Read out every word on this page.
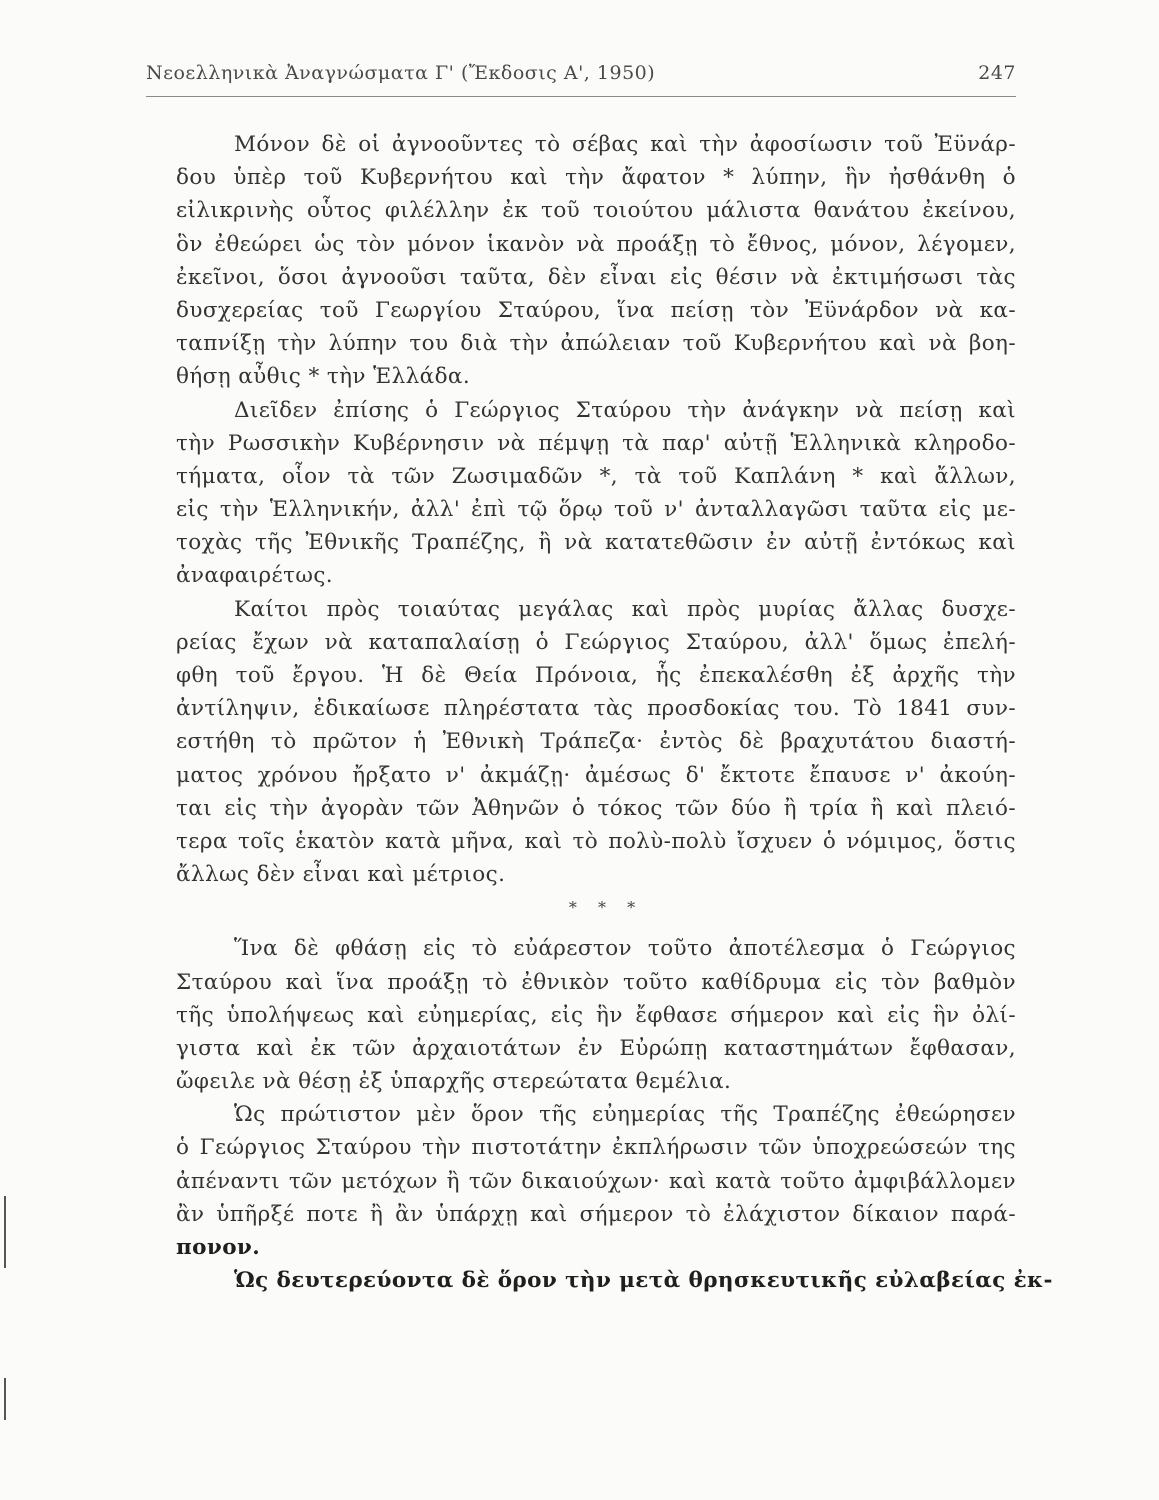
Νεοελληνικὰ Ἀναγνώσματα Γ' (Ἔκδοσις Α', 1950)	247
Μόνον δὲ οἱ ἀγνοοῦντες τὸ σέβας καὶ τὴν ἀφοσίωσιν τοῦ Ἐϋνάρ-
δου ὑπὲρ τοῦ Κυβερνήτου καὶ τὴν ἄφατον * λύπην, ἣν ἠσθάνθη ὁ
εἰλικρινὴς οὗτος φιλέλλην ἐκ τοῦ τοιούτου μάλιστα θανάτου ἐκείνου,
ὃν ἐθεώρει ὡς τὸν μόνον ἱκανὸν νὰ προάξῃ τὸ ἔθνος, μόνον, λέγομεν,
ἐκεῖνοι, ὅσοι ἀγνοοῦσι ταῦτα, δὲν εἶναι εἰς θέσιν νὰ ἐκτιμήσωσι τὰς
δυσχερείας τοῦ Γεωργίου Σταύρου, ἵνα πείσῃ τὸν Ἐϋνάρδον νὰ κα-
ταπνίξῃ τὴν λύπην του διὰ τὴν ἀπώλειαν τοῦ Κυβερνήτου καὶ νὰ βοη-
θήσῃ αὖθις * τὴν Ἑλλάδα.
Διεῖδεν ἐπίσης ὁ Γεώργιος Σταύρου τὴν ἀνάγκην νὰ πείσῃ καὶ
τὴν Ρωσσικὴν Κυβέρνησιν νὰ πέμψῃ τὰ παρ' αὐτῇ Ἑλληνικὰ κληροδο-
τήματα, οἷον τὰ τῶν Ζωσιμαδῶν *, τὰ τοῦ Καπλάνη * καὶ ἄλλων,
εἰς τὴν Ἑλληνικήν, ἀλλ' ἐπὶ τῷ ὅρῳ τοῦ ν' ἀνταλλαγῶσι ταῦτα εἰς με-
τοχὰς τῆς Ἐθνικῆς Τραπέζης, ἢ νὰ κατατεθῶσιν ἐν αὐτῇ ἐντόκως καὶ
ἀναφαιρέτως.
Καίτοι πρὸς τοιαύτας μεγάλας καὶ πρὸς μυρίας ἄλλας δυσχε-
ρείας ἔχων νὰ καταπαλαίσῃ ὁ Γεώργιος Σταύρου, ἀλλ' ὅμως ἐπελή-
φθη τοῦ ἔργου. Ἡ δὲ Θεία Πρόνοια, ἧς ἐπεκαλέσθη ἐξ ἀρχῆς τὴν
ἀντίληψιν, ἐδικαίωσε πληρέστατα τὰς προσδοκίας του. Τὸ 1841 συν-
εστήθη τὸ πρῶτον ἡ Ἐθνικὴ Τράπεζα· ἐντὸς δὲ βραχυτάτου διαστή-
ματος χρόνου ἤρξατο ν' ἀκμάζῃ· ἀμέσως δ' ἔκτοτε ἔπαυσε ν' ἀκούη-
ται εἰς τὴν ἀγορὰν τῶν Ἀθηνῶν ὁ τόκος τῶν δύο ἢ τρία ἢ καὶ πλειό-
τερα τοῖς ἑκατὸν κατὰ μῆνα, καὶ τὸ πολὺ-πολὺ ἴσχυεν ὁ νόμιμος, ὅστις
ἄλλως δὲν εἶναι καὶ μέτριος.
* * *
Ἵνα δὲ φθάσῃ εἰς τὸ εὐάρεστον τοῦτο ἀποτέλεσμα ὁ Γεώργιος
Σταύρου καὶ ἵνα προάξῃ τὸ ἐθνικὸν τοῦτο καθίδρυμα εἰς τὸν βαθμὸν
τῆς ὑπολήψεως καὶ εὐημερίας, εἰς ἣν ἔφθασε σήμερον καὶ εἰς ἣν ὀλί-
γιστα καὶ ἐκ τῶν ἀρχαιοτάτων ἐν Εὐρώπῃ καταστημάτων ἔφθασαν,
ὤφειλε νὰ θέσῃ ἐξ ὑπαρχῆς στερεώτατα θεμέλια.
Ὡς πρώτιστον μὲν ὅρον τῆς εὐημερίας τῆς Τραπέζης ἐθεώρησεν
ὁ Γεώργιος Σταύρου τὴν πιστοτάτην ἐκπλήρωσιν τῶν ὑποχρεώσεών της
ἀπέναντι τῶν μετόχων ἢ τῶν δικαιούχων· καὶ κατὰ τοῦτο ἀμφιβάλλομεν
ἂν ὑπῆρξέ ποτε ἢ ἂν ὑπάρχῃ καὶ σήμερον τὸ ἐλάχιστον δίκαιον παρά-
πονον.
Ὡς δευτερεύοντα δὲ ὅρον τὴν μετὰ θρησκευτικῆς εὐλαβείας ἐκ-
